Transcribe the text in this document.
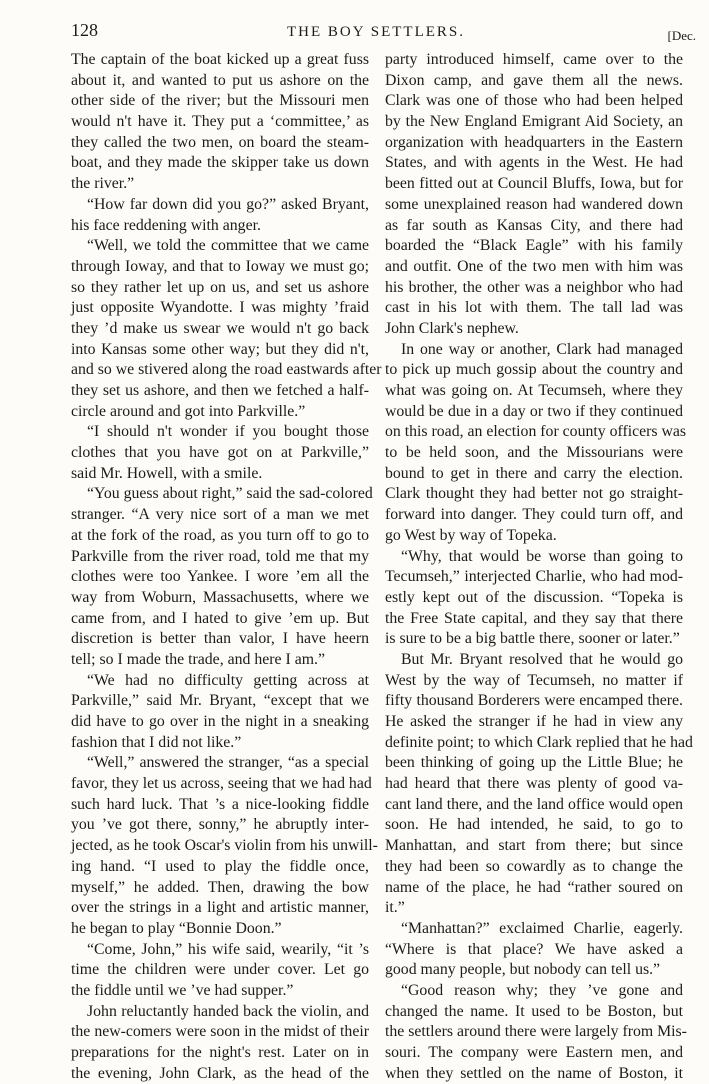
128	THE BOY SETTLERS.	[Dec.
The captain of the boat kicked up a great fuss
about it, and wanted to put us ashore on the
other side of the river; but the Missouri men
would n't have it. They put a ‘committee,’ as
they called the two men, on board the steam-
boat, and they made the skipper take us down
the river.”
“How far down did you go?” asked Bryant,
his face reddening with anger.
“Well, we told the committee that we came
through Ioway, and that to Ioway we must go;
so they rather let up on us, and set us ashore
just opposite Wyandotte. I was mighty ’fraid
they ’d make us swear we would n't go back
into Kansas some other way; but they did n't,
and so we stivered along the road eastwards after
they set us ashore, and then we fetched a half-
circle around and got into Parkville.”
“I should n't wonder if you bought those
clothes that you have got on at Parkville,”
said Mr. Howell, with a smile.
“You guess about right,” said the sad-colored
stranger. “A very nice sort of a man we met
at the fork of the road, as you turn off to go to
Parkville from the river road, told me that my
clothes were too Yankee. I wore ’em all the
way from Woburn, Massachusetts, where we
came from, and I hated to give ’em up. But
discretion is better than valor, I have heern
tell; so I made the trade, and here I am.”
“We had no difficulty getting across at
Parkville,” said Mr. Bryant, “except that we
did have to go over in the night in a sneaking
fashion that I did not like.”
“Well,” answered the stranger, “as a special
favor, they let us across, seeing that we had had
such hard luck. That ’s a nice-looking fiddle
you ’ve got there, sonny,” he abruptly inter-
jected, as he took Oscar's violin from his unwill-
ing hand. “I used to play the fiddle once,
myself,” he added. Then, drawing the bow
over the strings in a light and artistic manner,
he began to play “Bonnie Doon.”
“Come, John,” his wife said, wearily, “it ’s
time the children were under cover. Let go
the fiddle until we ’ve had supper.”
John reluctantly handed back the violin, and
the new-comers were soon in the midst of their
preparations for the night's rest. Later on in
the evening, John Clark, as the head of the
party introduced himself, came over to the
Dixon camp, and gave them all the news.
Clark was one of those who had been helped
by the New England Emigrant Aid Society, an
organization with headquarters in the Eastern
States, and with agents in the West. He had
been fitted out at Council Bluffs, Iowa, but for
some unexplained reason had wandered down
as far south as Kansas City, and there had
boarded the “Black Eagle” with his family
and outfit. One of the two men with him was
his brother, the other was a neighbor who had
cast in his lot with them. The tall lad was
John Clark's nephew.
In one way or another, Clark had managed
to pick up much gossip about the country and
what was going on. At Tecumseh, where they
would be due in a day or two if they continued
on this road, an election for county officers was
to be held soon, and the Missourians were
bound to get in there and carry the election.
Clark thought they had better not go straight-
forward into danger. They could turn off, and
go West by way of Topeka.
“Why, that would be worse than going to
Tecumseh,” interjected Charlie, who had mod-
estly kept out of the discussion. “Topeka is
the Free State capital, and they say that there
is sure to be a big battle there, sooner or later.”
But Mr. Bryant resolved that he would go
West by the way of Tecumseh, no matter if
fifty thousand Borderers were encamped there.
He asked the stranger if he had in view any
definite point; to which Clark replied that he had
been thinking of going up the Little Blue; he
had heard that there was plenty of good va-
cant land there, and the land office would open
soon. He had intended, he said, to go to
Manhattan, and start from there; but since
they had been so cowardly as to change the
name of the place, he had “rather soured on
it.”
“Manhattan?” exclaimed Charlie, eagerly.
“Where is that place? We have asked a
good many people, but nobody can tell us.”
“Good reason why; they ’ve gone and
changed the name. It used to be Boston, but
the settlers around there were largely from Mis-
souri. The company were Eastern men, and
when they settled on the name of Boston, it
